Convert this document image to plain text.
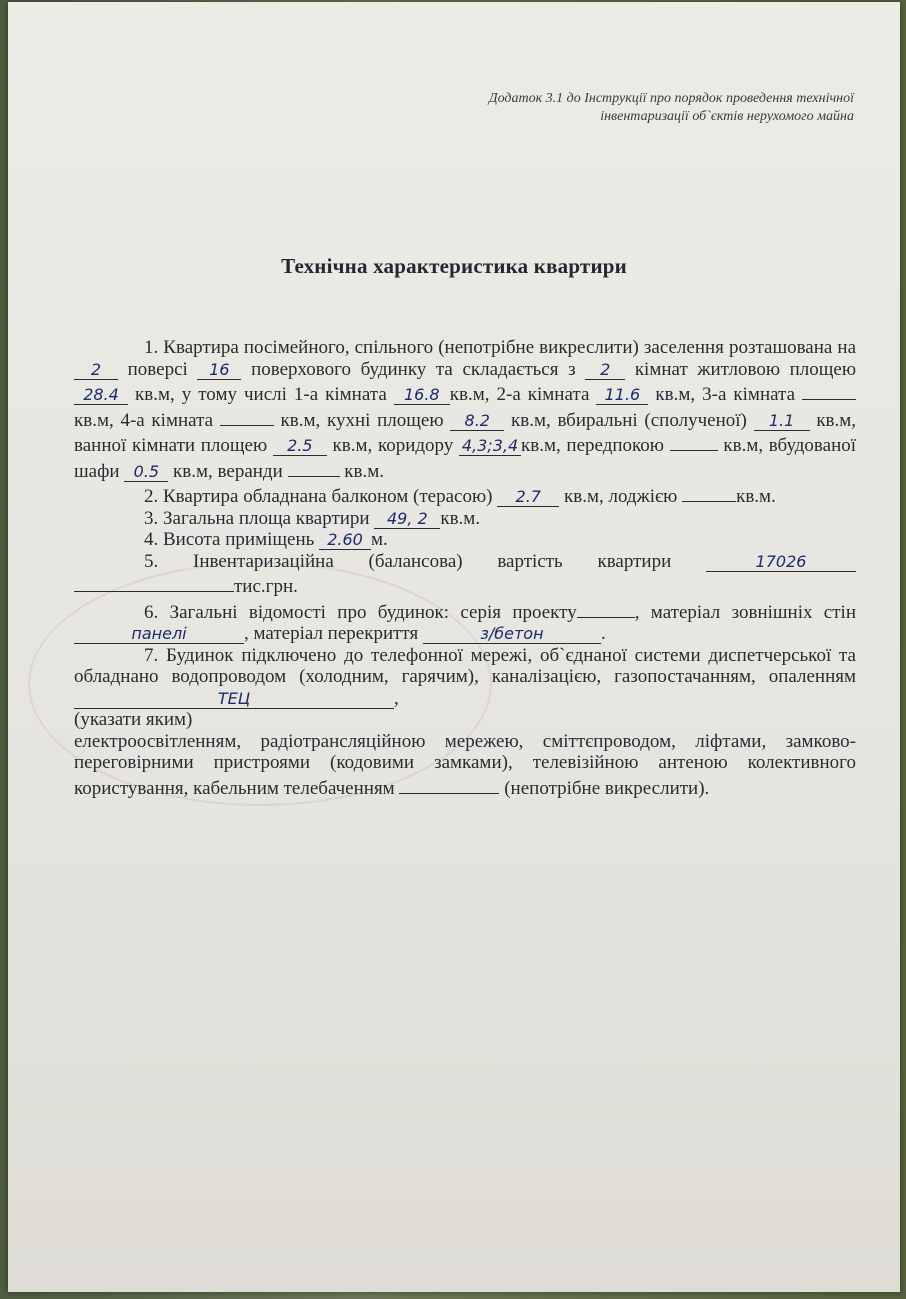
Додаток 3.1 до Інструкції про порядок проведення технічної
інвентаризації об`єктів нерухомого майна
Технічна характеристика квартири

1. Квартира посімейного, спільного (непотрібне викреслити) заселення розташована на 2 поверсі 16 поверхового будинку та складається з 2 кімнат житловою площею 28.4 кв.м, у тому числі 1-а кімната 16.8 кв.м, 2-а кімната 11.6 кв.м, 3-а кімната  кв.м, 4-а кімната	кв.м, кухні площею 8.2 кв.м, вбиральні (сполученої) 1.1 кв.м, ванної кімнати площею 2.5 кв.м, коридору 4,3;3,4 кв.м, передпокою	кв.м, вбудованої шафи 0.5 кв.м, веранди	кв.м.

2. Квартира обладнана балконом (терасою) 2.7 кв.м, лоджією	кв.м.

3. Загальна площа квартири 49, 2 кв.м.

4. Висота приміщень 2.60 м.

5. Інвентаризаційна (балансова) вартість квартири	17026 тис.грн.

6. Загальні відомості про будинок: серія проекту	, матеріал зовнішніх стін панелі	, матеріал перекриття	з/бетон	.

7. Будинок підключено до телефонної мережі, об`єднаної системи диспетчерської та обладнано водопроводом (холодним, гарячим), каналізацією, газопостачанням, опаленнямТЕЦ	,

(указати яким)

електроосвітленням, радіотрансляційною мережею, сміттєпроводом, ліфтами, замково-переговірними пристроями (кодовими замками), телевізійною антеною колективного користування, кабельним телебаченням	(непотрібне викреслити).
